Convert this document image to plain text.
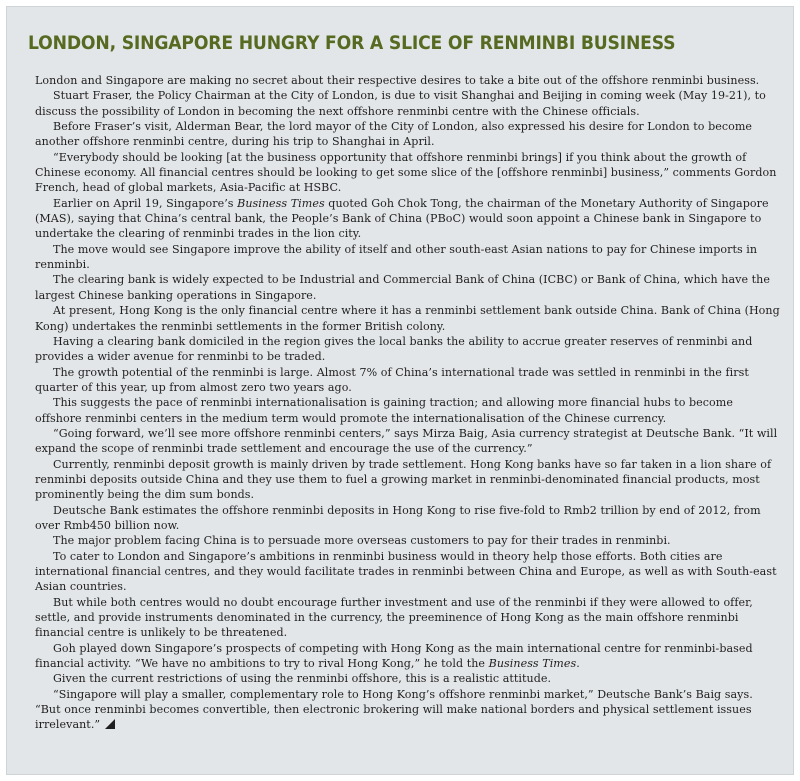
LONDON, SINGAPORE HUNGRY FOR A SLICE OF RENMINBI BUSINESS

London and Singapore are making no secret about their respective desires to take a bite out of the offshore renminbi business.

Stuart Fraser, the Policy Chairman at the City of London, is due to visit Shanghai and Beijing in coming week (May 19-21), to discuss the possibility of London in becoming the next offshore renminbi centre with the Chinese officials.

Before Fraser’s visit, Alderman Bear, the lord mayor of the City of London, also expressed his desire for London to become another offshore renminbi centre, during his trip to Shanghai in April.

“Everybody should be looking [at the business opportunity that offshore renminbi brings] if you think about the growth of Chinese economy. All financial centres should be looking to get some slice of the [offshore renminbi] business,” comments Gordon French, head of global markets, Asia-Pacific at HSBC.

Earlier on April 19, Singapore’s Business Times quoted Goh Chok Tong, the chairman of the Monetary Authority of Singapore (MAS), saying that China’s central bank, the People’s Bank of China (PBoC) would soon appoint a Chinese bank in Singapore to undertake the clearing of renminbi trades in the lion city.

The move would see Singapore improve the ability of itself and other south-east Asian nations to pay for Chinese imports in renminbi.

The clearing bank is widely expected to be Industrial and Commercial Bank of China (ICBC) or Bank of China, which have the largest Chinese banking operations in Singapore.

At present, Hong Kong is the only financial centre where it has a renminbi settlement bank outside China. Bank of China (Hong Kong) undertakes the renminbi settlements in the former British colony.

Having a clearing bank domiciled in the region gives the local banks the ability to accrue greater reserves of renminbi and provides a wider avenue for renminbi to be traded.

The growth potential of the renminbi is large. Almost 7% of China’s international trade was settled in renminbi in the first quarter of this year, up from almost zero two years ago.

This suggests the pace of renminbi internationalisation is gaining traction; and allowing more financial hubs to become offshore renminbi centers in the medium term would promote the internationalisation of the Chinese currency.

“Going forward, we’ll see more offshore renminbi centers,” says Mirza Baig, Asia currency strategist at Deutsche Bank. “It will expand the scope of renminbi trade settlement and encourage the use of the currency.”

Currently, renminbi deposit growth is mainly driven by trade settlement. Hong Kong banks have so far taken in a lion share of renminbi deposits outside China and they use them to fuel a growing market in renminbi-denominated financial products, most prominently being the dim sum bonds.

Deutsche Bank estimates the offshore renminbi deposits in Hong Kong to rise five-fold to Rmb2 trillion by end of 2012, from over Rmb450 billion now.

The major problem facing China is to persuade more overseas customers to pay for their trades in renminbi.

To cater to London and Singapore’s ambitions in renminbi business would in theory help those efforts. Both cities are international financial centres, and they would facilitate trades in renminbi between China and Europe, as well as with South-east Asian countries.

But while both centres would no doubt encourage further investment and use of the renminbi if they were allowed to offer, settle, and provide instruments denominated in the currency, the preeminence of Hong Kong as the main offshore renminbi financial centre is unlikely to be threatened.

Goh played down Singapore’s prospects of competing with Hong Kong as the main international centre for renminbi-based financial activity. “We have no ambitions to try to rival Hong Kong,” he told the Business Times.

Given the current restrictions of using the renminbi offshore, this is a realistic attitude.

“Singapore will play a smaller, complementary role to Hong Kong’s offshore renminbi market,” Deutsche Bank’s Baig says. “But once renminbi becomes convertible, then electronic brokering will make national borders and physical settlement issues irrelevant.”
